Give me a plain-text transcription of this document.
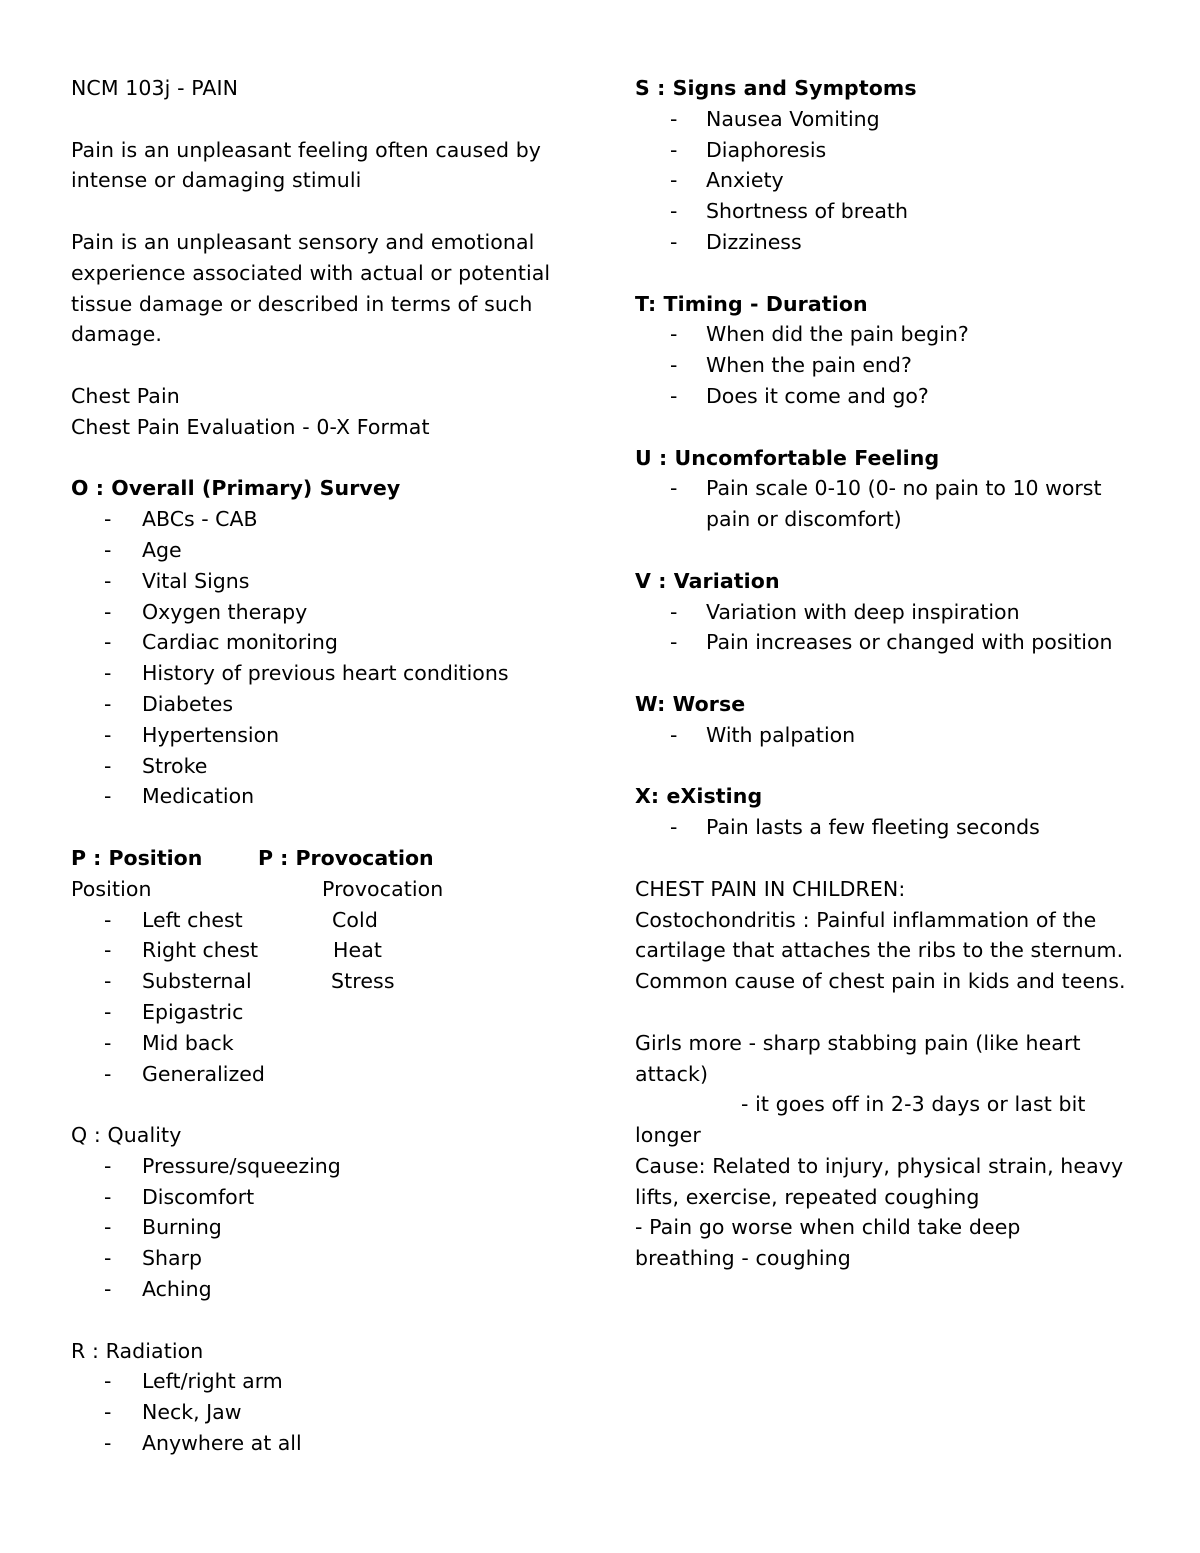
NCM 103j - PAIN
Pain is an unpleasant feeling often caused by intense or damaging stimuli
Pain is an unpleasant sensory and emotional experience associated with actual or potential tissue damage or described in terms of such damage.
Chest Pain
Chest Pain Evaluation - 0-X Format
O : Overall (Primary) Survey
- ABCs - CAB
- Age
- Vital Signs
- Oxygen therapy
- Cardiac monitoring
- History of previous heart conditions
- Diabetes
- Hypertension
- Stroke
- Medication
P : Position	P : Provocation
Position
- Left chest
- Right chest
- Substernal
- Epigastric
- Mid back
- Generalized
Provocation
Cold
Heat
Stress
Q : Quality
- Pressure/squeezing
- Discomfort
- Burning
- Sharp
- Aching
R : Radiation
- Left/right arm
- Neck, Jaw
- Anywhere at all
S : Signs and Symptoms
- Nausea Vomiting
- Diaphoresis
- Anxiety
- Shortness of breath
- Dizziness
T: Timing - Duration
- When did the pain begin?
- When the pain end?
- Does it come and go?
U : Uncomfortable Feeling
- Pain scale 0-10 (0- no pain to 10 worst pain or discomfort)
V : Variation
- Variation with deep inspiration
- Pain increases or changed with position
W: Worse
- With palpation
X: eXisting
- Pain lasts a few fleeting seconds
CHEST PAIN IN CHILDREN:
Costochondritis : Painful inflammation of the cartilage that attaches the ribs to the sternum. Common cause of chest pain in kids and teens.
Girls more - sharp stabbing pain (like heart attack)
- it goes off in 2-3 days or last bit
longer
Cause: Related to injury, physical strain, heavy lifts, exercise, repeated coughing
- Pain go worse when child take deep breathing - coughing
